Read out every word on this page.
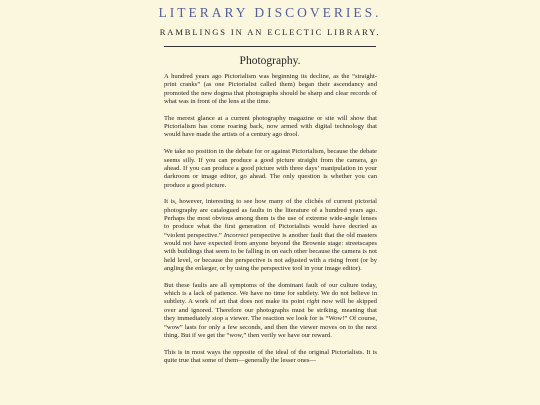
LITERARY DISCOVERIES.

RAMBLINGS IN AN ECLECTIC LIBRARY.

Photography.

A hundred years ago Pictorialism was beginning its decline, as the “straight-print cranks” (as one Pictorialist called them) began their ascendancy and promoted the new dogma that photographs should be sharp and clear records of what was in front of the lens at the time.

The merest glance at a current photography magazine or site will show that Pictorialism has come roaring back, now armed with digital technology that would have made the artists of a century ago drool.

We take no position in the debate for or against Pictorialism, because the debate seems silly. If you can produce a good picture straight from the camera, go ahead. If you can produce a good picture with three days’ manipulation in your darkroom or image editor, go ahead. The only question is whether you can produce a good picture.

It is, however, interesting to see how many of the clichés of current pictorial photography are catalogued as faults in the literature of a hundred years ago. Perhaps the most obvious among them is the use of extreme wide-angle lenses to produce what the first generation of Pictorialists would have decried as “violent perspective.” Incorrect perspective is another fault that the old masters would not have expected from anyone beyond the Brownie stage: streetscapes with buildings that seem to be falling in on each other because the camera is not held level, or because the perspective is not adjusted with a rising front (or by angling the enlarger, or by using the perspective tool in your image editor).

But these faults are all symptoms of the dominant fault of our culture today, which is a lack of patience. We have no time for subtlety. We do not believe in subtlety. A work of art that does not make its point right now will be skipped over and ignored. Therefore our photographs must be striking, meaning that they immediately stop a viewer. The reaction we look for is “Wow!” Of course, “wow” lasts for only a few seconds, and then the viewer moves on to the next thing. But if we get the “wow,” then verily we have our reward.

This is in most ways the opposite of the ideal of the original Pictorialists. It is quite true that some of them—generally the lesser ones—
